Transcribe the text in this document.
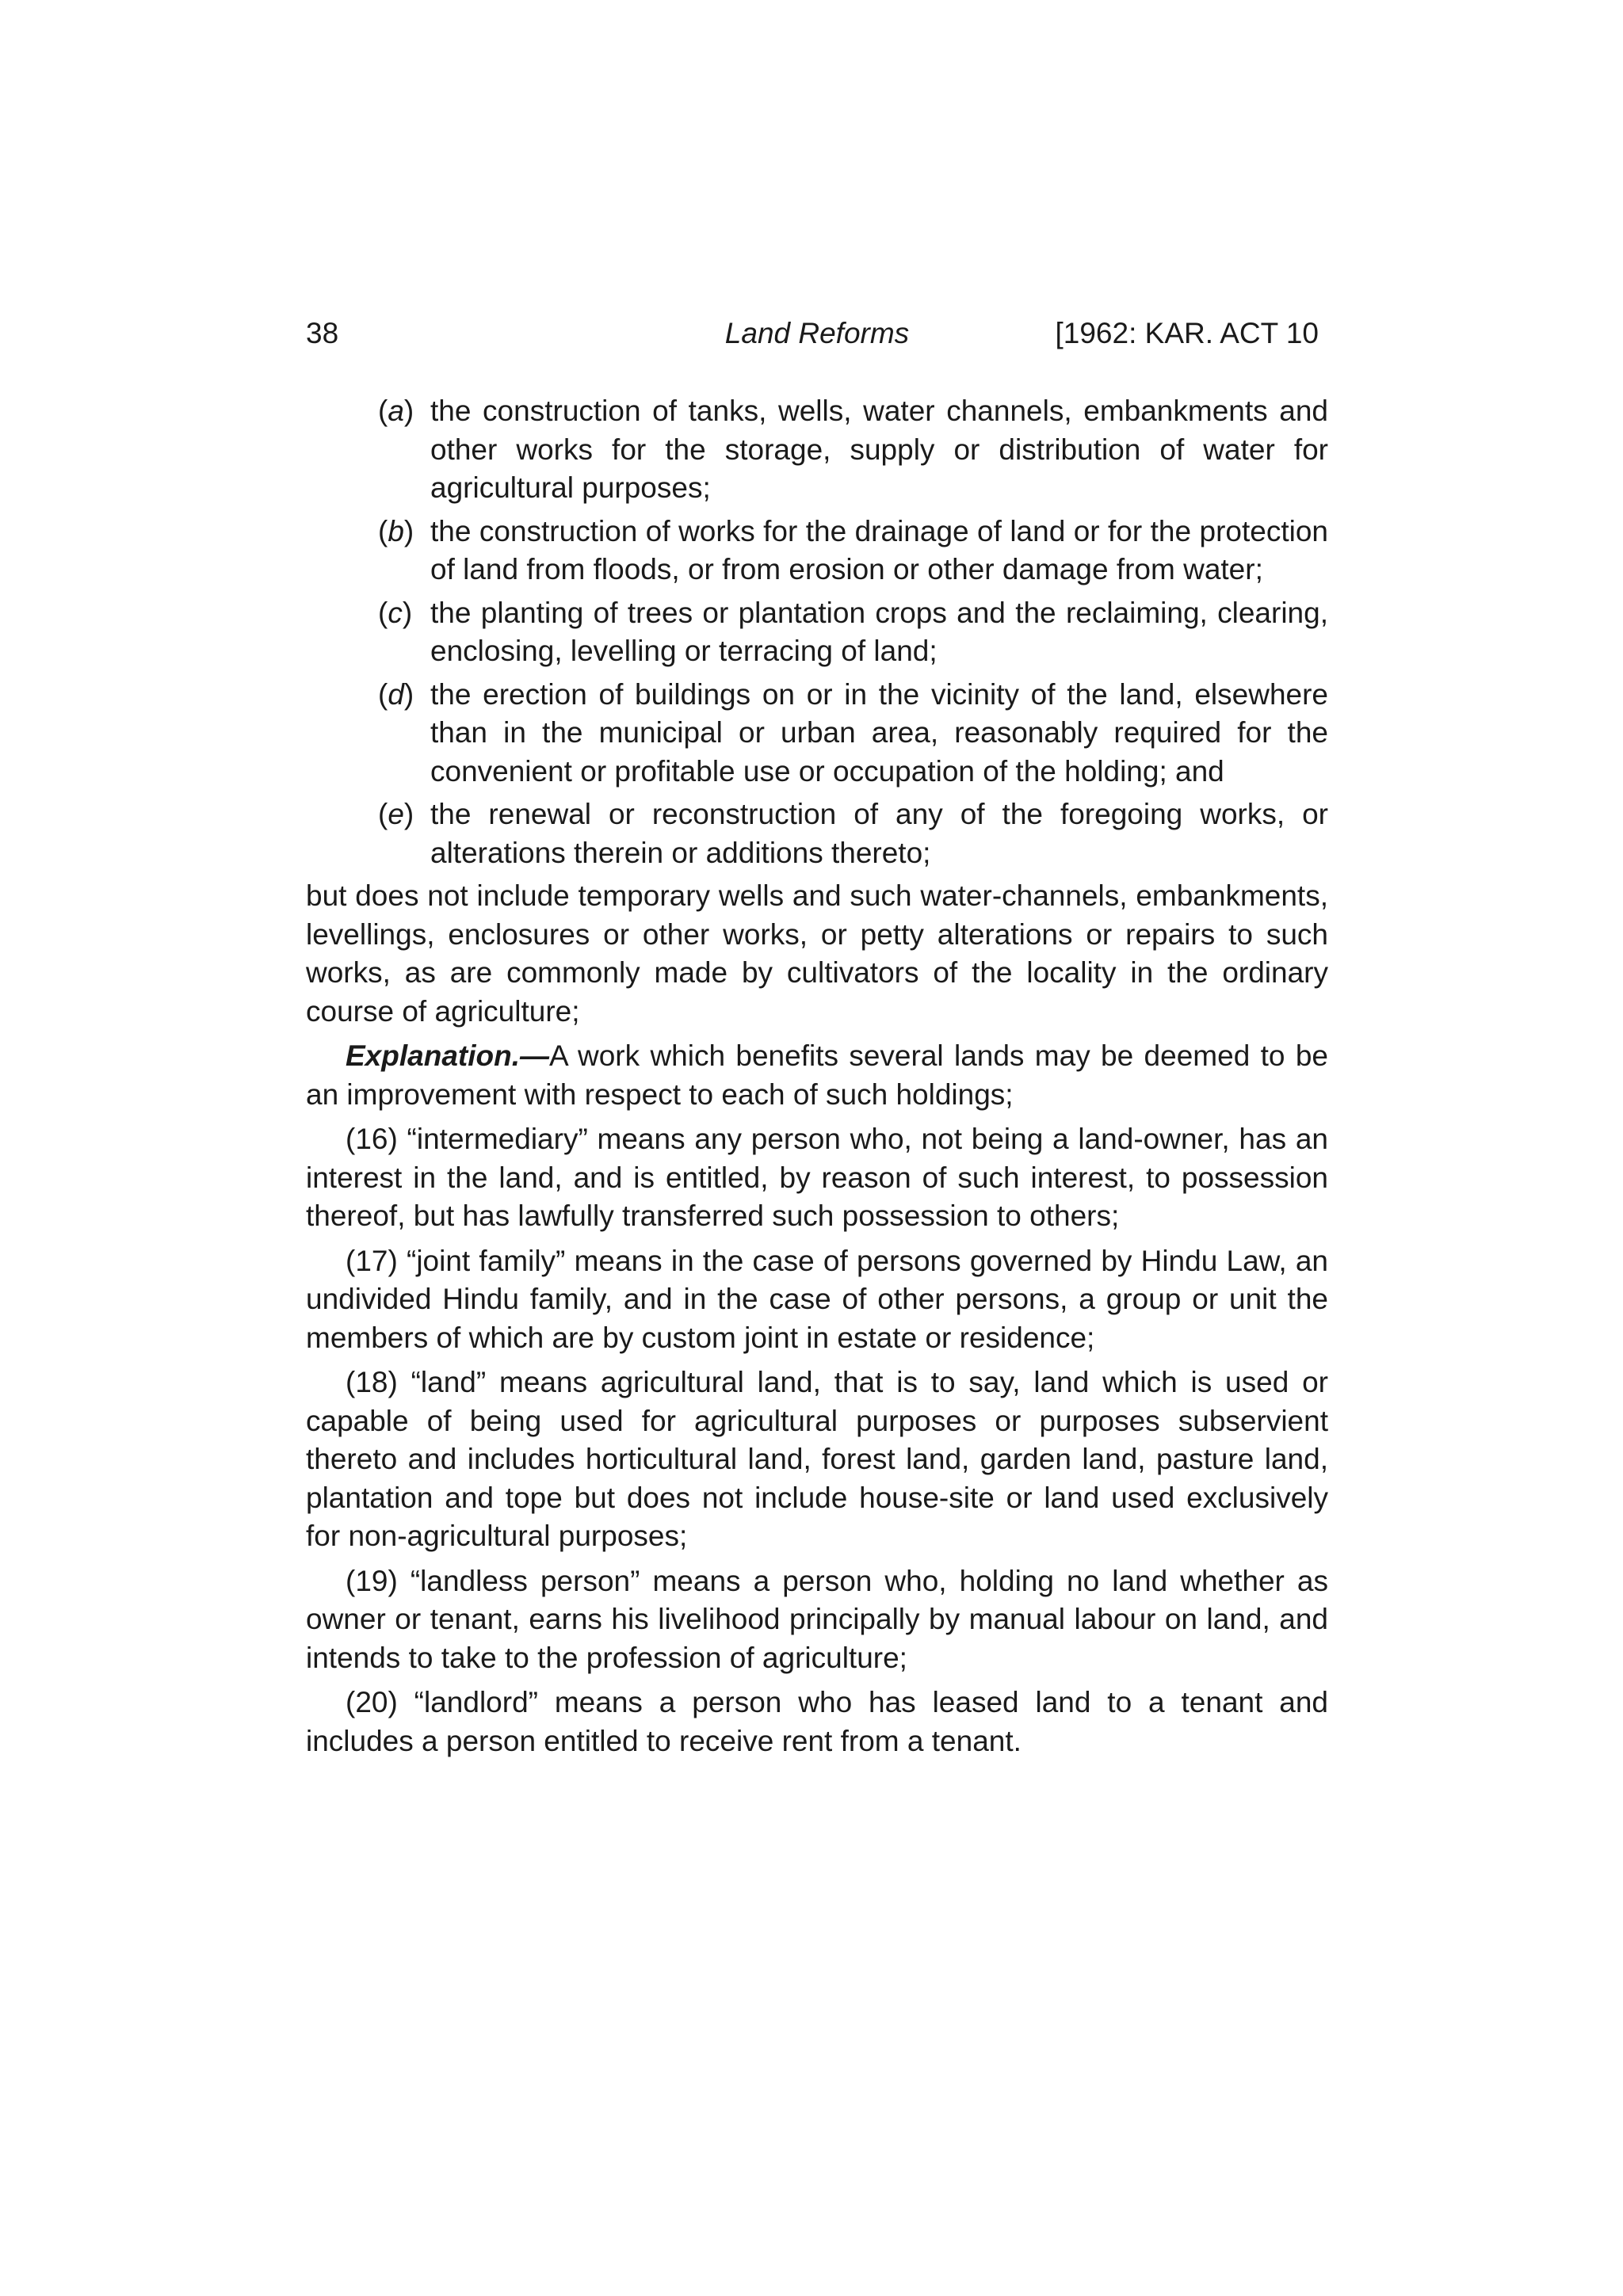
38	Land Reforms	[1962: KAR. ACT 10
(a) the construction of tanks, wells, water channels, embankments and other works for the storage, supply or distribution of water for agricultural purposes;
(b) the construction of works for the drainage of land or for the protection of land from floods, or from erosion or other damage from water;
(c) the planting of trees or plantation crops and the reclaiming, clearing, enclosing, levelling or terracing of land;
(d) the erection of buildings on or in the vicinity of the land, elsewhere than in the municipal or urban area, reasonably required for the convenient or profitable use or occupation of the holding; and
(e) the renewal or reconstruction of any of the foregoing works, or alterations therein or additions thereto;

but does not include temporary wells and such water-channels, embankments, levellings, enclosures or other works, or petty alterations or repairs to such works, as are commonly made by cultivators of the locality in the ordinary course of agriculture;

Explanation.—A work which benefits several lands may be deemed to be an improvement with respect to each of such holdings;

(16) “intermediary” means any person who, not being a land-owner, has an interest in the land, and is entitled, by reason of such interest, to possession thereof, but has lawfully transferred such possession to others;

(17) “joint family” means in the case of persons governed by Hindu Law, an undivided Hindu family, and in the case of other persons, a group or unit the members of which are by custom joint in estate or residence;

(18) “land” means agricultural land, that is to say, land which is used or capable of being used for agricultural purposes or purposes subservient thereto and includes horticultural land, forest land, garden land, pasture land, plantation and tope but does not include house-site or land used exclusively for non-agricultural purposes;

(19) “landless person” means a person who, holding no land whether as owner or tenant, earns his livelihood principally by manual labour on land, and intends to take to the profession of agriculture;

(20) “landlord” means a person who has leased land to a tenant and includes a person entitled to receive rent from a tenant.
